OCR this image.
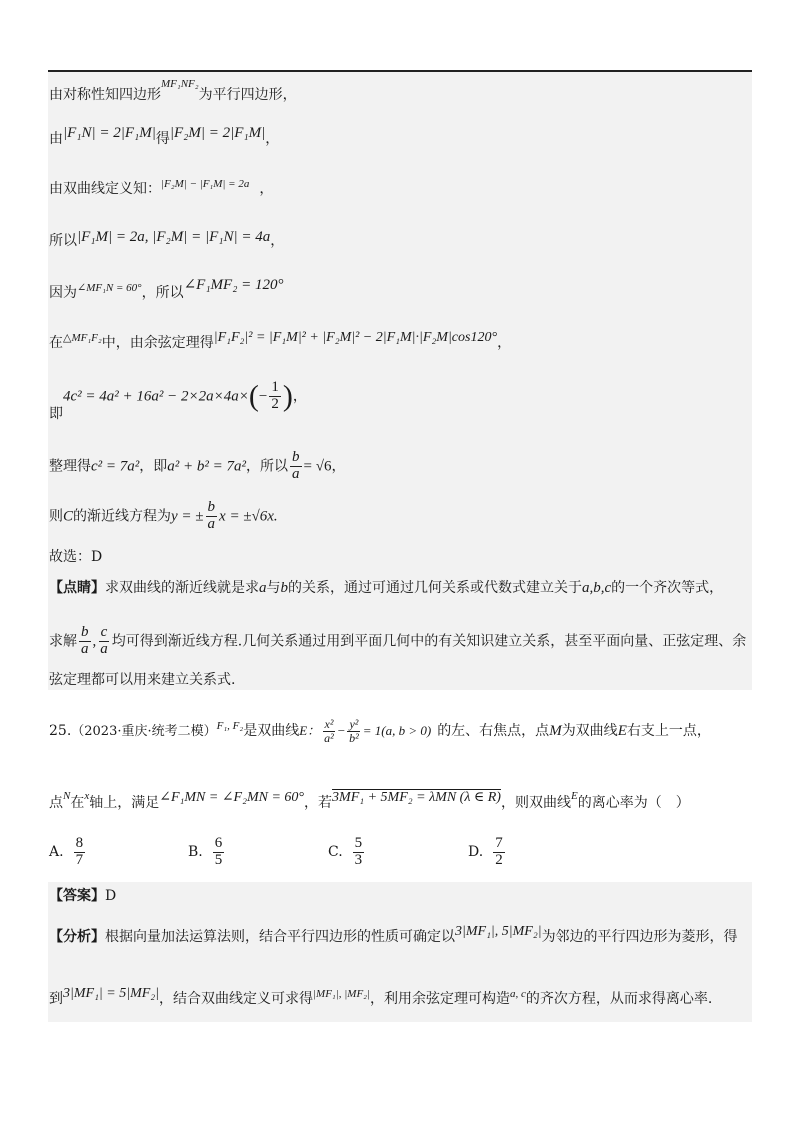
由对称性知四边形$^{MF_1NF_2}$为平行四边形，
由|F₁N| = 2|F₁M|得|F₂M| = 2|F₁M|，
由双曲线定义知：$^{|F_2M| - |F_1M| = 2a}$ ，
所以|F₁M| = 2a, |F₂M| = |F₁N| = 4a，
因为$^{\angle MF_1N = 60^\circ}$，所以∠F₁MF₂ = 120°
在$^{\triangle MF_1F_2}$中，由余弦定理得|F₁F₂|² = |F₁M|² + |F₂M|² − 2|F₁M|·|F₂M|cos120°，
即$4c^2 = 4a^2 + 16a^2 - 2\times 2a\times 4a\times(- \frac{1}{2}$ )，
整理得c² = 7a²，即a² + b² = 7a²，所以 $\frac{b}{a} = √6$，
则C的渐近线方程为y = ± $\frac{b}{a}$ x = ±√6x.
故选：D
【点睛】求双曲线的渐近线就是求a与b的关系，通过可通过几何关系或代数式建立关于a,b,c的一个齐次等式，
求解 $\frac{b}{a}$ , $\frac{c}{a}$ 均可得到渐近线方程.几何关系通过用到平面几何中的有关知识建立关系，甚至平面向量、正弦定理、余
弦定理都可以用来建立关系式.
25.（2023·重庆·统考二模）$^{F_1, F_2}$是双曲线E： $\frac{\text{x²}}{\text{a²}} - \frac{\text{y²}}{\text{b²}} = 1(a$, b > 0) 的左、右焦点，点M为双曲线E右支上一点，
点$^N$在$^x$轴上，满足∠F₁MN = ∠F₂MN = 60°，若3MF₁ + 5MF₂ = λMN (λ ∈ R)，则双曲线$^E$的离心率为（　）
A. $\frac{8}{7}$	B. $\frac{6}{5}$	C. $\frac{5}{3}$	D. $\frac{7}{2}$
【答案】D
【分析】根据向量加法运算法则，结合平行四边形的性质可确定以3|MF₁|, 5|MF₂|为邻边的平行四边形为菱形，得
到3|MF₁| = 5|MF₂|，结合双曲线定义可求得$^{|MF_1|, |MF_2|}$，利用余弦定理可构造$^{a, c}$的齐次方程，从而求得离心率.
